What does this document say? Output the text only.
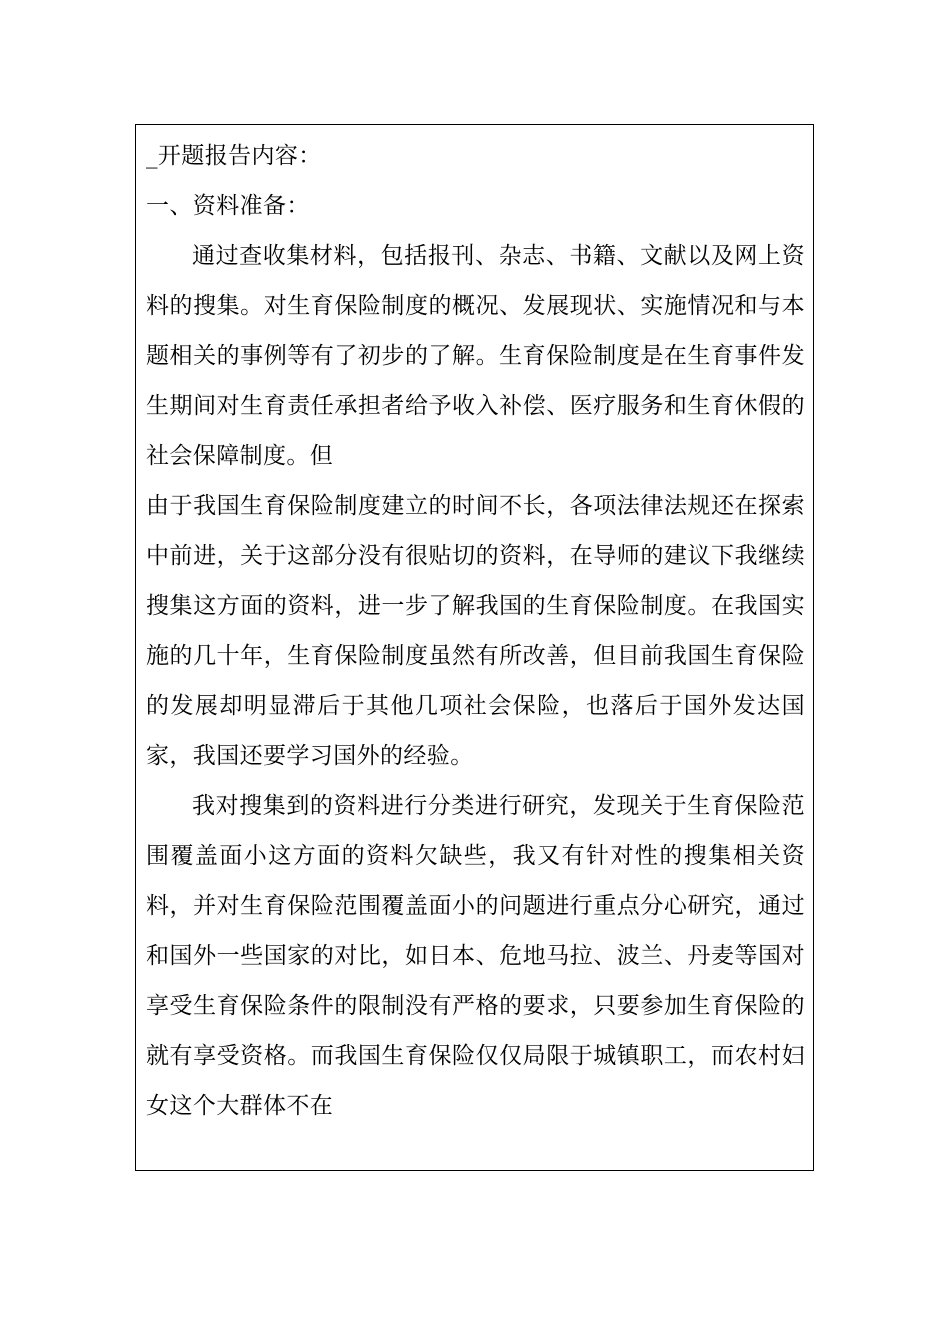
_开题报告内容：
一、资料准备：

通过查收集材料，包括报刊、杂志、书籍、文献以及网上资料的搜集。对生育保险制度的概况、发展现状、实施情况和与本题相关的事例等有了初步的了解。生育保险制度是在生育事件发生期间对生育责任承担者给予收入补偿、医疗服务和生育休假的社会保障制度。但

由于我国生育保险制度建立的时间不长，各项法律法规还在探索中前进，关于这部分没有很贴切的资料，在导师的建议下我继续搜集这方面的资料，进一步了解我国的生育保险制度。在我国实施的几十年，生育保险制度虽然有所改善，但目前我国生育保险的发展却明显滞后于其他几项社会保险，也落后于国外发达国家，我国还要学习国外的经验。

我对搜集到的资料进行分类进行研究，发现关于生育保险范围覆盖面小这方面的资料欠缺些，我又有针对性的搜集相关资料，并对生育保险范围覆盖面小的问题进行重点分心研究，通过和国外一些国家的对比，如日本、危地马拉、波兰、丹麦等国对享受生育保险条件的限制没有严格的要求，只要参加生育保险的就有享受资格。而我国生育保险仅仅局限于城镇职工，而农村妇女这个大群体不在
